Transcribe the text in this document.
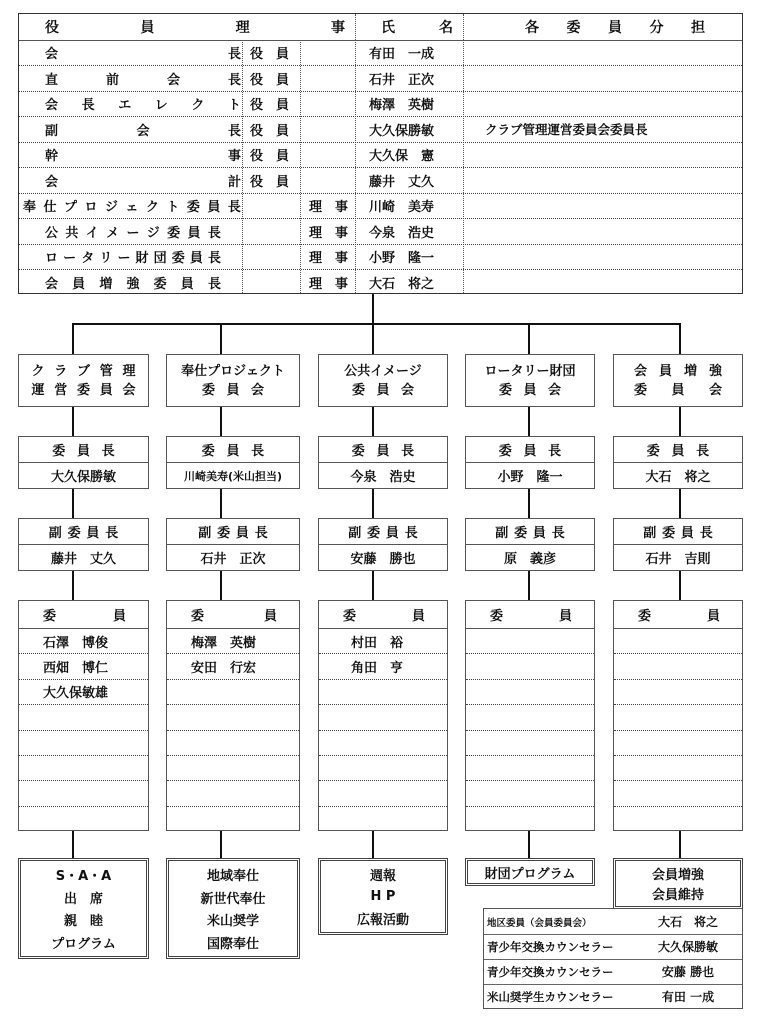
役	員	理	事	氏	名	各 委 員 分 担
会	長 役　員	有田　一成
直	前	会	長 役　員	石井　正次
会 長 エ レ ク ト 役　員	梅澤　英樹
副	会	長 役　員	大久保勝敏	クラブ管理運営委員会委員長
幹	事 役　員	大久保　憲
会	計 役　員	藤井　丈久
奉 仕 プ ロ ジ ェ ク ト 委 員 長	理　事	川崎　美寿
公 共 イ メ ー ジ 委 員 長	理　事	今泉　浩史
ロ ー タ リ ー 財 団 委 員 長	理　事	小野　隆一
会 員 増 強 委 員 長	理　事	大石　将之
ク ラ ブ 管 理
運 営 委 員 会
委員長
大久保勝敏
副委員長
藤井　丈久
委	員
石澤　博俊
西畑　博仁
大久保敏雄
奉仕プロジェクト
委 員 会
委員長
川崎美寿(米山担当)
副委員長
石井　正次
委	員
梅澤　英樹
安田　行宏
公共イメージ
委 員 会
委員長
今泉　浩史
副委員長
安藤　勝也
委	員
村田　裕
角田　亨
ロータリー財団
委 員 会
委員長
小野　隆一
副委員長
原　義彦
委	員
会 員 増 強
委 員 会
委員長
大石　将之
副委員長
石井　吉則
委	員
S・A・A
出　席
親　睦
プログラム
地域奉仕
新世代奉仕
米山奨学
国際奉仕
週報
H P
広報活動
財団プログラム	会員増強
会員維持
地区委員（会員委員会）	大石　将之
青少年交換カウンセラー	大久保勝敏
青少年交換カウンセラー	安藤 勝也
米山奨学生カウンセラー	有田 一成
